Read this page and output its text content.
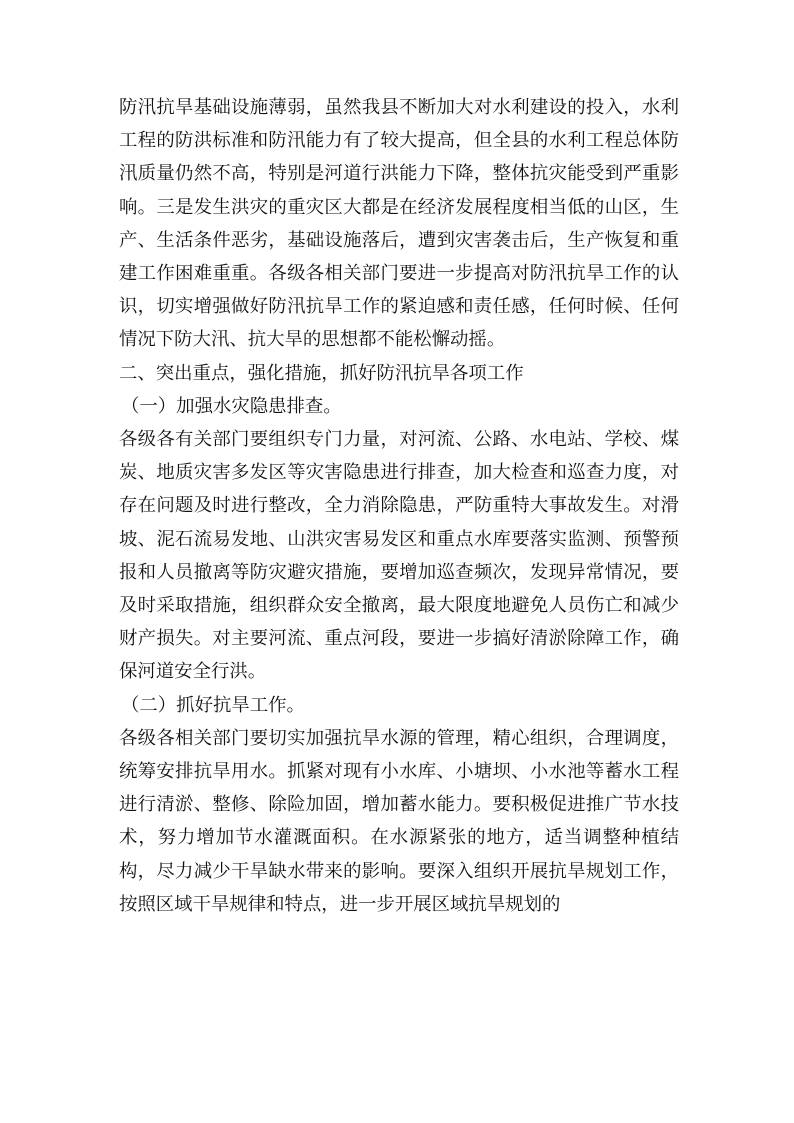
防汛抗旱基础设施薄弱，虽然我县不断加大对水利建设的投入，水利工程的防洪标准和防汛能力有了较大提高，但全县的水利工程总体防汛质量仍然不高，特别是河道行洪能力下降，整体抗灾能受到严重影响。三是发生洪灾的重灾区大都是在经济发展程度相当低的山区，生产、生活条件恶劣，基础设施落后，遭到灾害袭击后，生产恢复和重建工作困难重重。各级各相关部门要进一步提高对防汛抗旱工作的认识，切实增强做好防汛抗旱工作的紧迫感和责任感，任何时候、任何情况下防大汛、抗大旱的思想都不能松懈动摇。

二、突出重点，强化措施，抓好防汛抗旱各项工作

（一）加强水灾隐患排查。

各级各有关部门要组织专门力量，对河流、公路、水电站、学校、煤炭、地质灾害多发区等灾害隐患进行排查，加大检查和巡查力度，对存在问题及时进行整改，全力消除隐患，严防重特大事故发生。对滑坡、泥石流易发地、山洪灾害易发区和重点水库要落实监测、预警预报和人员撤离等防灾避灾措施，要增加巡查频次，发现异常情况，要及时采取措施，组织群众安全撤离，最大限度地避免人员伤亡和减少财产损失。对主要河流、重点河段，要进一步搞好清淤除障工作，确保河道安全行洪。

（二）抓好抗旱工作。

各级各相关部门要切实加强抗旱水源的管理，精心组织，合理调度，统筹安排抗旱用水。抓紧对现有小水库、小塘坝、小水池等蓄水工程进行清淤、整修、除险加固，增加蓄水能力。要积极促进推广节水技术，努力增加节水灌溉面积。在水源紧张的地方，适当调整种植结构，尽力减少干旱缺水带来的影响。要深入组织开展抗旱规划工作，按照区域干旱规律和特点，进一步开展区域抗旱规划的
